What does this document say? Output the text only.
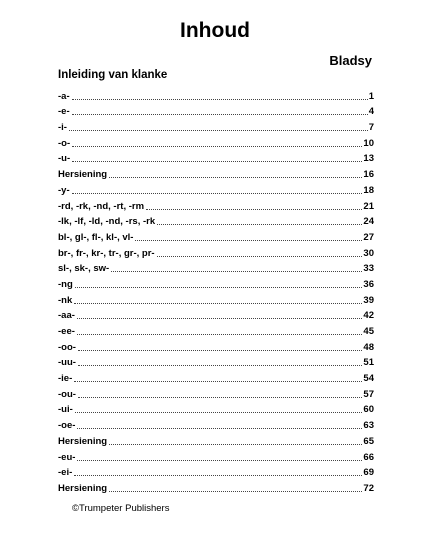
Inhoud
Bladsy
Inleiding van klanke
-a-	1
-e-	4
-i-	7
-o-	10
-u-	13
Hersiening	16
-y-	18
-rd, -rk, -nd, -rt, -rm	21
-lk, -lf, -ld, -nd, -rs, -rk	24
bl-, gl-, fl-, kl-, vl-	27
br-, fr-, kr-, tr-, gr-, pr-	30
sl-, sk-, sw-	33
-ng	36
-nk	39
-aa-	42
-ee-	45
-oo-	48
-uu-	51
-ie-	54
-ou-	57
-ui-	60
-oe-	63
Hersiening	65
-eu-	66
-ei-	69
Hersiening	72
©Trumpeter Publishers
